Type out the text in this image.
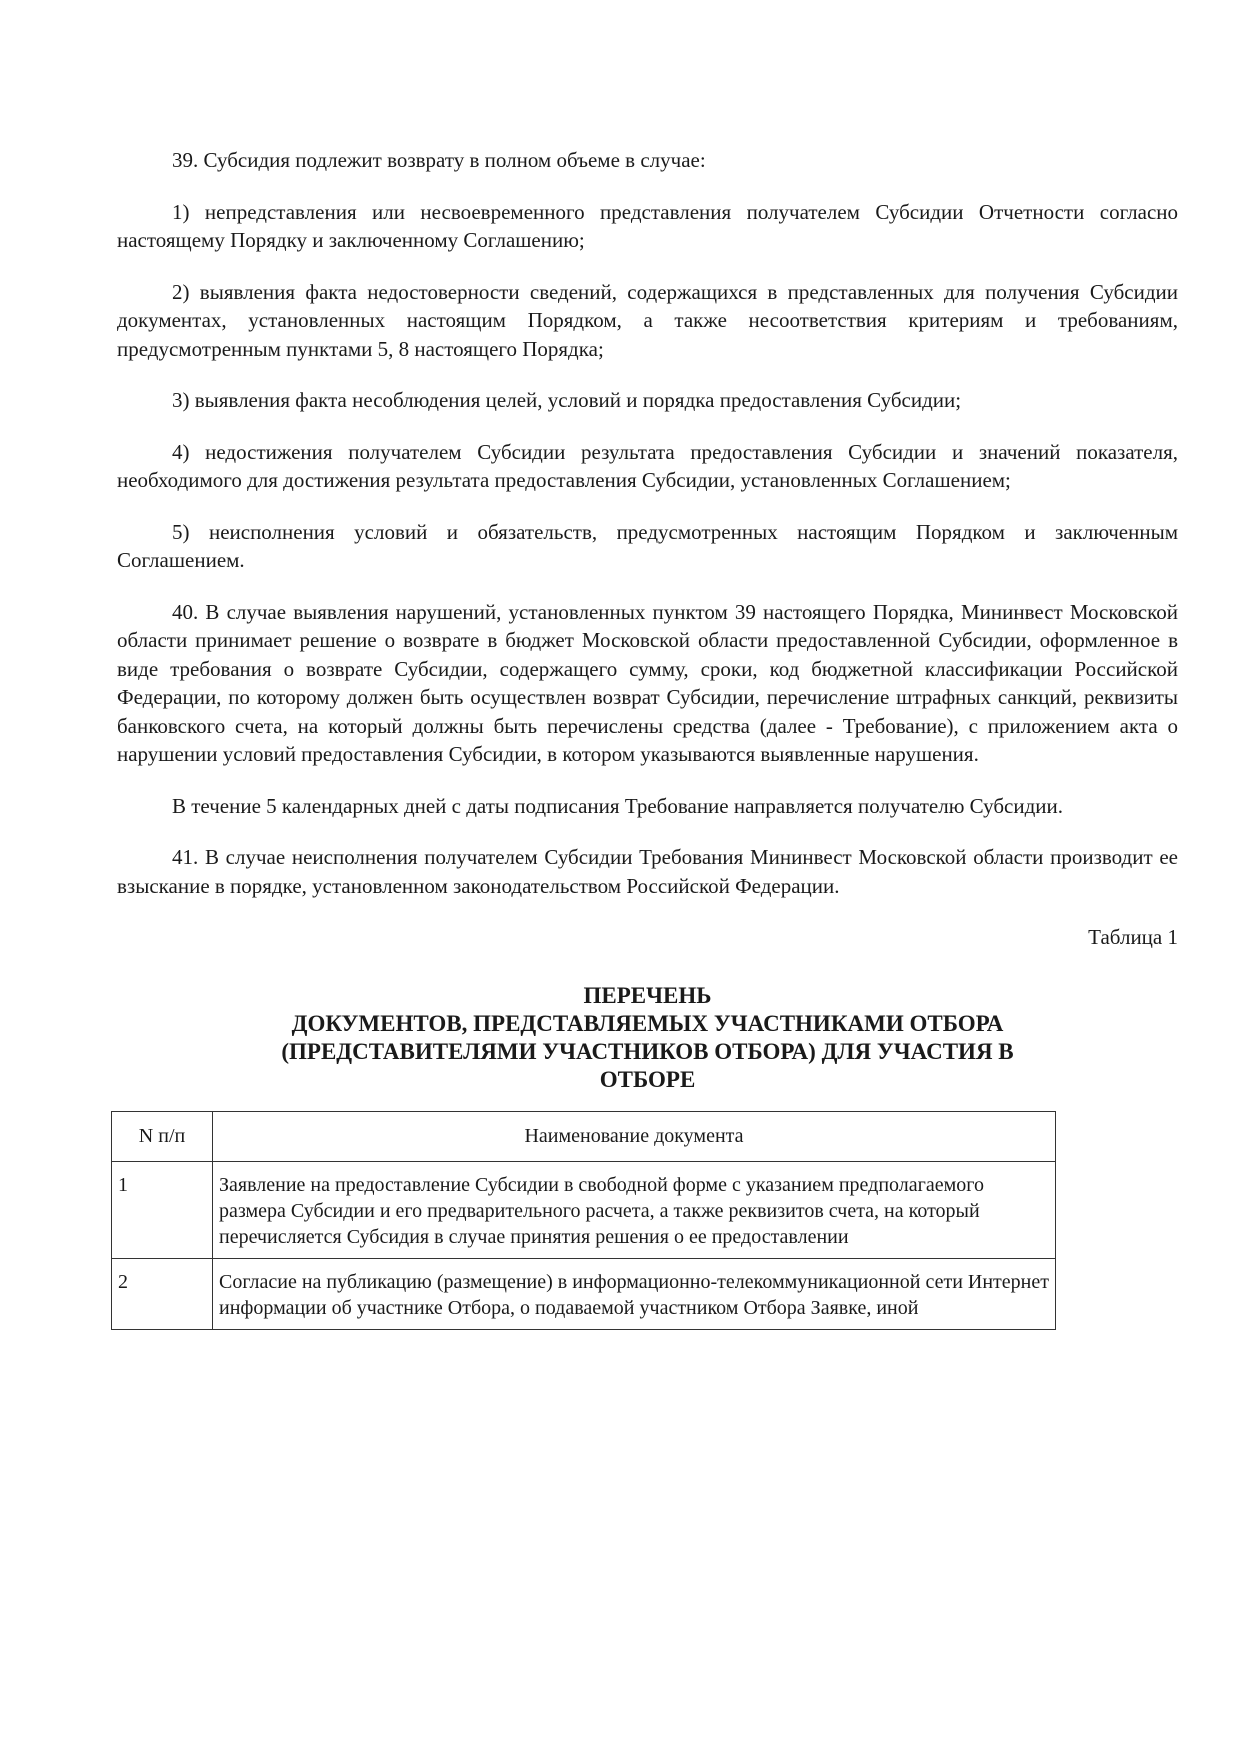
39. Субсидия подлежит возврату в полном объеме в случае:

1) непредставления или несвоевременного представления получателем Субсидии Отчетности согласно настоящему Порядку и заключенному Соглашению;

2) выявления факта недостоверности сведений, содержащихся в представленных для получения Субсидии документах, установленных настоящим Порядком, а также несоответствия критериям и требованиям, предусмотренным пунктами 5, 8 настоящего Порядка;

3) выявления факта несоблюдения целей, условий и порядка предоставления Субсидии;

4) недостижения получателем Субсидии результата предоставления Субсидии и значений показателя, необходимого для достижения результата предоставления Субсидии, установленных Соглашением;

5) неисполнения условий и обязательств, предусмотренных настоящим Порядком и заключенным Соглашением.

40. В случае выявления нарушений, установленных пунктом 39 настоящего Порядка, Мининвест Московской области принимает решение о возврате в бюджет Московской области предоставленной Субсидии, оформленное в виде требования о возврате Субсидии, содержащего сумму, сроки, код бюджетной классификации Российской Федерации, по которому должен быть осуществлен возврат Субсидии, перечисление штрафных санкций, реквизиты банковского счета, на который должны быть перечислены средства (далее - Требование), с приложением акта о нарушении условий предоставления Субсидии, в котором указываются выявленные нарушения.

В течение 5 календарных дней с даты подписания Требование направляется получателю Субсидии.

41. В случае неисполнения получателем Субсидии Требования Мининвест Московской области производит ее взыскание в порядке, установленном законодательством Российской Федерации.

Таблица 1
ПЕРЕЧЕНЬ
ДОКУМЕНТОВ, ПРЕДСТАВЛЯЕМЫХ УЧАСТНИКАМИ ОТБОРА
(ПРЕДСТАВИТЕЛЯМИ УЧАСТНИКОВ ОТБОРА) ДЛЯ УЧАСТИЯ В
ОТБОРЕ
N п/п	Наименование документа
1	Заявление на предоставление Субсидии в свободной форме с указанием предполагаемого размера Субсидии и его предварительного расчета, а также реквизитов счета, на который перечисляется Субсидия в случае принятия решения о ее предоставлении
2	Согласие на публикацию (размещение) в информационно-телекоммуникационной сети Интернет информации об участнике Отбора, о подаваемой участником Отбора Заявке, иной
